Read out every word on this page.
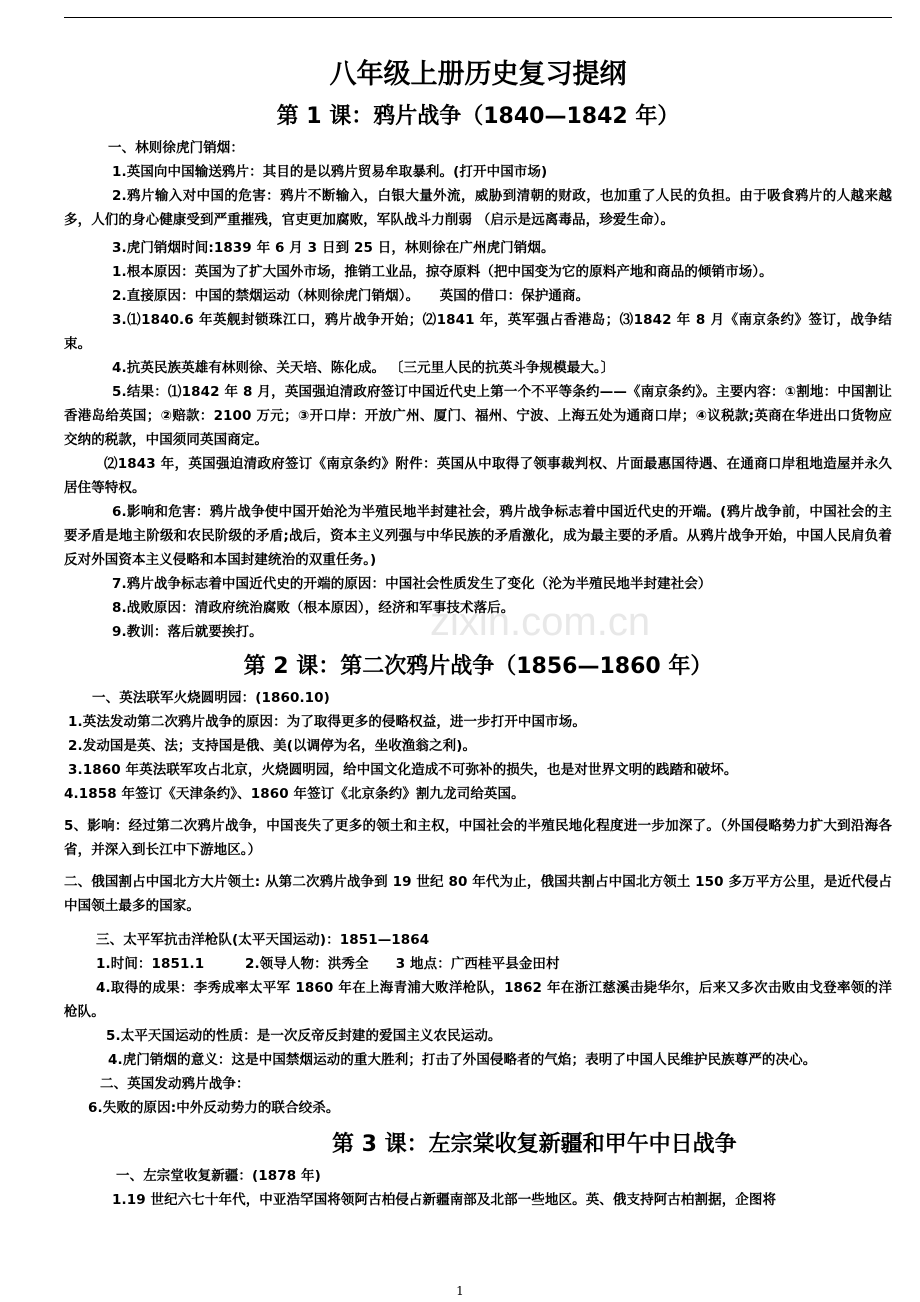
zixin.com.cn
八年级上册历史复习提纲
第 1 课：鸦片战争（1840—1842 年）

一、林则徐虎门销烟：

1.英国向中国输送鸦片：其目的是以鸦片贸易牟取暴利。(打开中国市场)

2.鸦片输入对中国的危害：鸦片不断输入，白银大量外流，威胁到清朝的财政，也加重了人民的负担。由于吸食鸦片的人越来越多，人们的身心健康受到严重摧残，官吏更加腐败，军队战斗力削弱 （启示是远离毒品，珍爱生命）。

3.虎门销烟时间:1839 年 6 月 3 日到 25 日，林则徐在广州虎门销烟。

1.根本原因：英国为了扩大国外市场，推销工业品，掠夺原料（把中国变为它的原料产地和商品的倾销市场）。

2.直接原因：中国的禁烟运动（林则徐虎门销烟）。　　英国的借口：保护通商。

3.⑴1840.6 年英舰封锁珠江口，鸦片战争开始；⑵1841 年，英军强占香港岛；⑶1842 年 8 月《南京条约》签订，战争结束。

4.抗英民族英雄有林则徐、关天培、陈化成。 〔三元里人民的抗英斗争规模最大。〕

5.结果：⑴1842 年 8 月，英国强迫清政府签订中国近代史上第一个不平等条约——《南京条约》。主要内容：①割地：中国割让香港岛给英国；②赔款：2100 万元；③开口岸：开放广州、厦门、福州、宁波、上海五处为通商口岸；④议税款;英商在华进出口货物应交纳的税款，中国须同英国商定。

⑵1843 年，英国强迫清政府签订《南京条约》附件：英国从中取得了领事裁判权、片面最惠国待遇、在通商口岸租地造屋并永久居住等特权。

6.影响和危害：鸦片战争使中国开始沦为半殖民地半封建社会，鸦片战争标志着中国近代史的开端。(鸦片战争前，中国社会的主要矛盾是地主阶级和农民阶级的矛盾;战后，资本主义列强与中华民族的矛盾激化，成为最主要的矛盾。从鸦片战争开始，中国人民肩负着反对外国资本主义侵略和本国封建统治的双重任务。)

7.鸦片战争标志着中国近代史的开端的原因：中国社会性质发生了变化（沦为半殖民地半封建社会）

8.战败原因：清政府统治腐败（根本原因），经济和军事技术落后。

9.教训：落后就要挨打。

第 2 课：第二次鸦片战争（1856—1860 年）

一、英法联军火烧圆明园：(1860.10)

1.英法发动第二次鸦片战争的原因：为了取得更多的侵略权益，进一步打开中国市场。

2.发动国是英、法；支持国是俄、美(以调停为名，坐收渔翁之利)。

3.1860 年英法联军攻占北京，火烧圆明园，给中国文化造成不可弥补的损失，也是对世界文明的践踏和破坏。

4.1858 年签订《天津条约》、1860 年签订《北京条约》割九龙司给英国。

5、影响：经过第二次鸦片战争，中国丧失了更多的领土和主权，中国社会的半殖民地化程度进一步加深了。（外国侵略势力扩大到沿海各省，并深入到长江中下游地区。）

二、俄国割占中国北方大片领土: 从第二次鸦片战争到 19 世纪 80 年代为止，俄国共割占中国北方领土 150 多万平方公里，是近代侵占中国领土最多的国家。

三、太平军抗击洋枪队(太平天国运动)：1851—1864

1.时间：1851.1　　　2.领导人物：洪秀全　　3 地点：广西桂平县金田村

4.取得的成果：李秀成率太平军 1860 年在上海青浦大败洋枪队，1862 年在浙江慈溪击毙华尔，后来又多次击败由戈登率领的洋枪队。

5.太平天国运动的性质：是一次反帝反封建的爱国主义农民运动。

4.虎门销烟的意义：这是中国禁烟运动的重大胜利；打击了外国侵略者的气焰；表明了中国人民维护民族尊严的决心。

二、英国发动鸦片战争：

6.失败的原因:中外反动势力的联合绞杀。

第 3 课：左宗棠收复新疆和甲午中日战争

一、左宗堂收复新疆：(1878 年)

1.19 世纪六七十年代，中亚浩罕国将领阿古柏侵占新疆南部及北部一些地区。英、俄支持阿古柏割据，企图将

1
